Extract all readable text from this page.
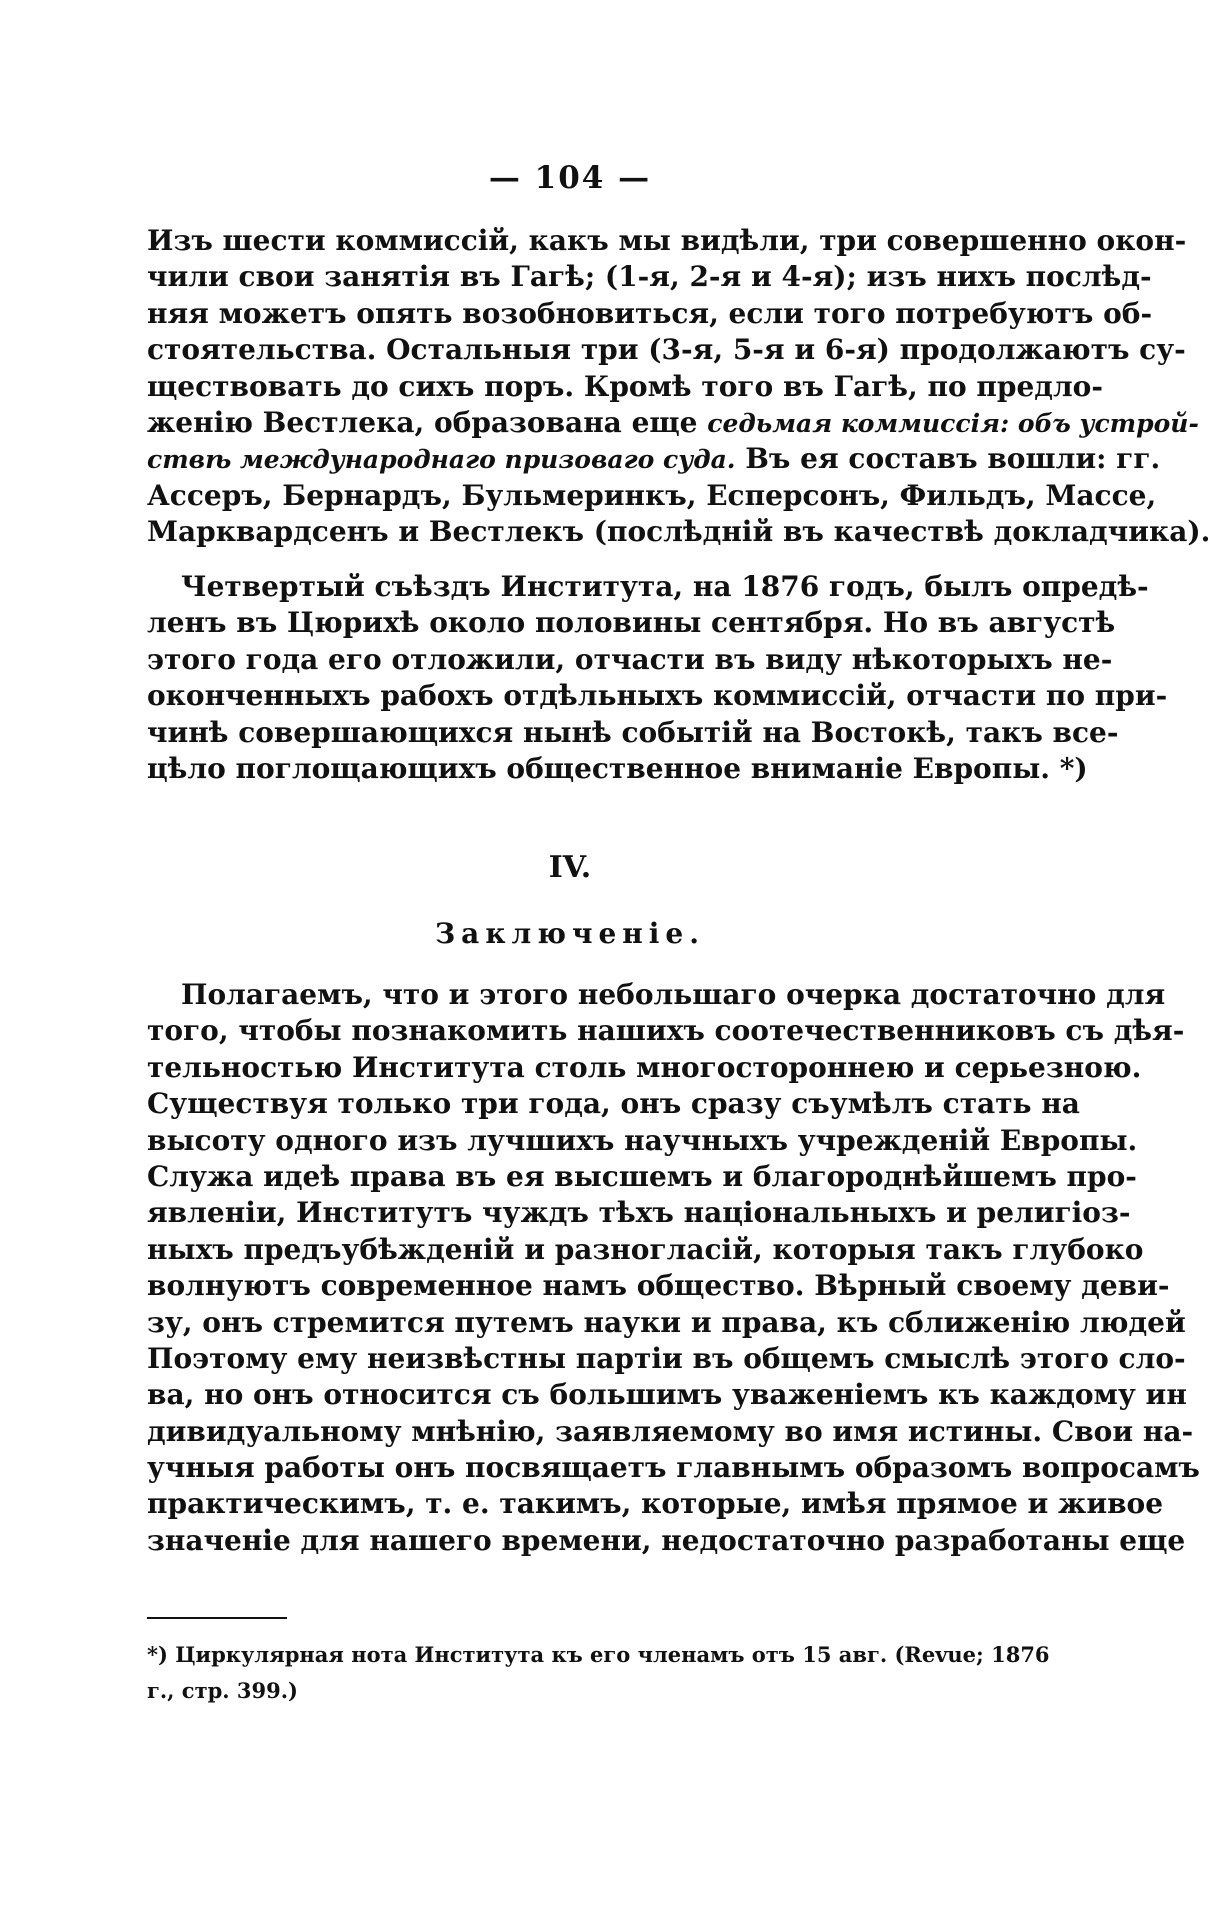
— 104 —
Изъ шести коммиссій, какъ мы видѣли, три совершенно окон-
чили свои занятія въ Гагѣ; (1-я, 2-я и 4-я); изъ нихъ послѣд-
няя можетъ опять возобновиться, если того потребуютъ об-
стоятельства. Остальныя три (3-я, 5-я и 6-я) продолжаютъ су-
ществовать до сихъ поръ. Кромѣ того въ Гагѣ, по предло-
женію Вестлека, образована еще седьмая коммиссія: объ устрой-
ствѣ международнаго призоваго суда. Въ ея составъ вошли: гг.
Ассеръ, Бернардъ, Бульмеринкъ, Есперсонъ, Фильдъ, Массе,
Марквардсенъ и Вестлекъ (послѣдній въ качествѣ докладчика).
Четвертый съѣздъ Института, на 1876 годъ, былъ опредѣ-
ленъ въ Цюрихѣ около половины сентября. Но въ августѣ
этого года его отложили, отчасти въ виду нѣкоторыхъ не-
оконченныхъ рабохъ отдѣльныхъ коммиссій, отчасти по при-
чинѣ совершающихся нынѣ событій на Востокѣ, такъ все-
цѣло поглощающихъ общественное вниманіе Европы. *)
IV.
Заключеніе.
Полагаемъ, что и этого небольшаго очерка достаточно для
того, чтобы познакомить нашихъ соотечественниковъ съ дѣя-
тельностью Института столь многостороннею и серьезною.
Существуя только три года, онъ сразу съумѣлъ стать на
высоту одного изъ лучшихъ научныхъ учрежденій Европы.
Служа идеѣ права въ ея высшемъ и благороднѣйшемъ про-
явленіи, Институтъ чуждъ тѣхъ національныхъ и религіоз-
ныхъ предъубѣжденій и разногласій, которыя такъ глубоко
волнуютъ современное намъ общество. Вѣрный своему деви-
зу, онъ стремится путемъ науки и права, къ сближенію людей
Поэтому ему неизвѣстны партіи въ общемъ смыслѣ этого сло-
ва, но онъ относится съ большимъ уваженіемъ къ каждому ин
дивидуальному мнѣнію, заявляемому во имя истины. Свои на-
учныя работы онъ посвящаетъ главнымъ образомъ вопросамъ
практическимъ, т. е. такимъ, которые, имѣя прямое и живое
значеніе для нашего времени, недостаточно разработаны еще
*) Циркулярная нота Института къ его членамъ отъ 15 авг. (Revue; 1876
г., стр. 399.)
